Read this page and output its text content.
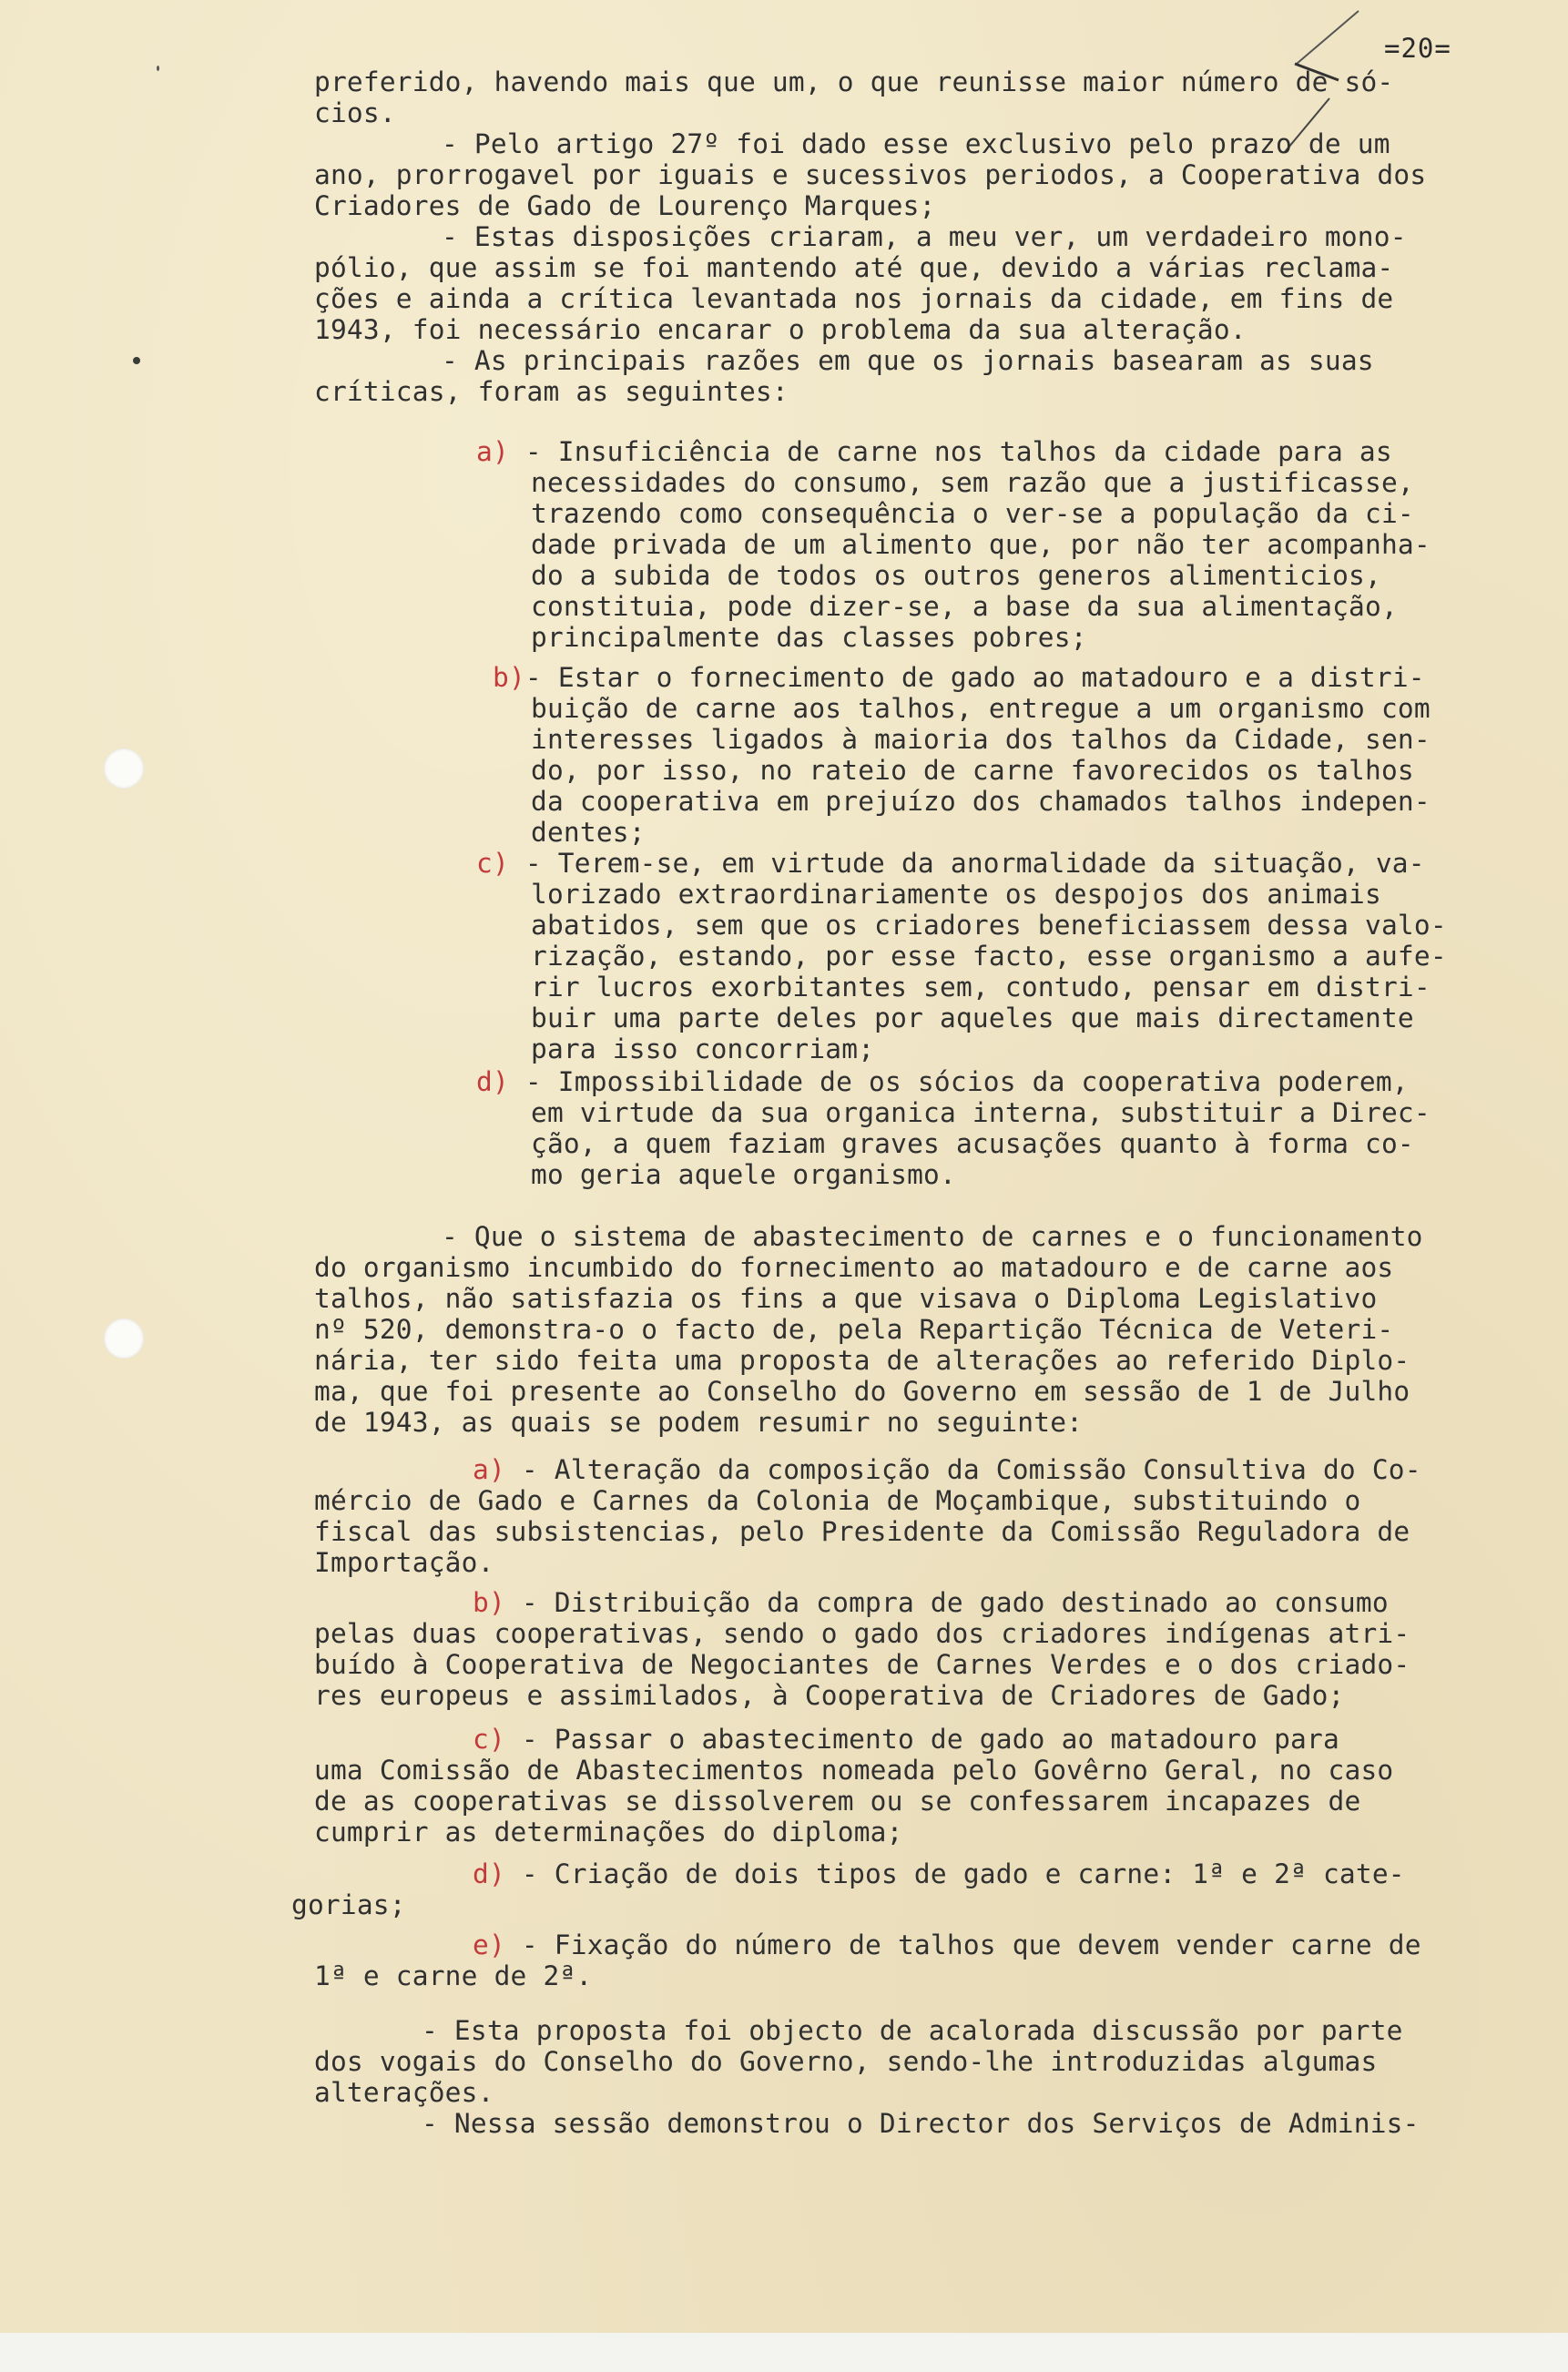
=20=
preferido, havendo mais que um, o que reunisse maior número de só-
cios.
- Pelo artigo 27º foi dado esse exclusivo pelo prazo de um
ano, prorrogavel por iguais e sucessivos periodos, a Cooperativa dos
Criadores de Gado de Lourenço Marques;
- Estas disposições criaram, a meu ver, um verdadeiro mono-
pólio, que assim se foi mantendo até que, devido a várias reclama-
ções e ainda a crítica levantada nos jornais da cidade, em fins de
1943, foi necessário encarar o problema da sua alteração.
- As principais razões em que os jornais basearam as suas
críticas, foram as seguintes:
a) - Insuficiência de carne nos talhos da cidade para as
necessidades do consumo, sem razão que a justificasse,
trazendo como consequência o ver-se a população da ci-
dade privada de um alimento que, por não ter acompanha-
do a subida de todos os outros generos alimenticios,
constituia, pode dizer-se, a base da sua alimentação,
principalmente das classes pobres;
b)- Estar o fornecimento de gado ao matadouro e a distri-
buição de carne aos talhos, entregue a um organismo com
interesses ligados à maioria dos talhos da Cidade, sen-
do, por isso, no rateio de carne favorecidos os talhos
da cooperativa em prejuízo dos chamados talhos indepen-
dentes;
c) - Terem-se, em virtude da anormalidade da situação, va-
lorizado extraordinariamente os despojos dos animais
abatidos, sem que os criadores beneficiassem dessa valo-
rização, estando, por esse facto, esse organismo a aufe-
rir lucros exorbitantes sem, contudo, pensar em distri-
buir uma parte deles por aqueles que mais directamente
para isso concorriam;
d) - Impossibilidade de os sócios da cooperativa poderem,
em virtude da sua organica interna, substituir a Direc-
ção, a quem faziam graves acusações quanto à forma co-
mo geria aquele organismo.
- Que o sistema de abastecimento de carnes e o funcionamento
do organismo incumbido do fornecimento ao matadouro e de carne aos
talhos, não satisfazia os fins a que visava o Diploma Legislativo
nº 520, demonstra-o o facto de, pela Repartição Técnica de Veteri-
nária, ter sido feita uma proposta de alterações ao referido Diplo-
ma, que foi presente ao Conselho do Governo em sessão de 1 de Julho
de 1943, as quais se podem resumir no seguinte:
a) - Alteração da composição da Comissão Consultiva do Co-
mércio de Gado e Carnes da Colonia de Moçambique, substituindo o
fiscal das subsistencias, pelo Presidente da Comissão Reguladora de
Importação.
b) - Distribuição da compra de gado destinado ao consumo
pelas duas cooperativas, sendo o gado dos criadores indígenas atri-
buído à Cooperativa de Negociantes de Carnes Verdes e o dos criado-
res europeus e assimilados, à Cooperativa de Criadores de Gado;
c) - Passar o abastecimento de gado ao matadouro para
uma Comissão de Abastecimentos nomeada pelo Govêrno Geral, no caso
de as cooperativas se dissolverem ou se confessarem incapazes de
cumprir as determinações do diploma;
d) - Criação de dois tipos de gado e carne: 1ª e 2ª cate-
gorias;
e) - Fixação do número de talhos que devem vender carne de
1ª e carne de 2ª.
- Esta proposta foi objecto de acalorada discussão por parte
dos vogais do Conselho do Governo, sendo-lhe introduzidas algumas
alterações.
- Nessa sessão demonstrou o Director dos Serviços de Adminis-
